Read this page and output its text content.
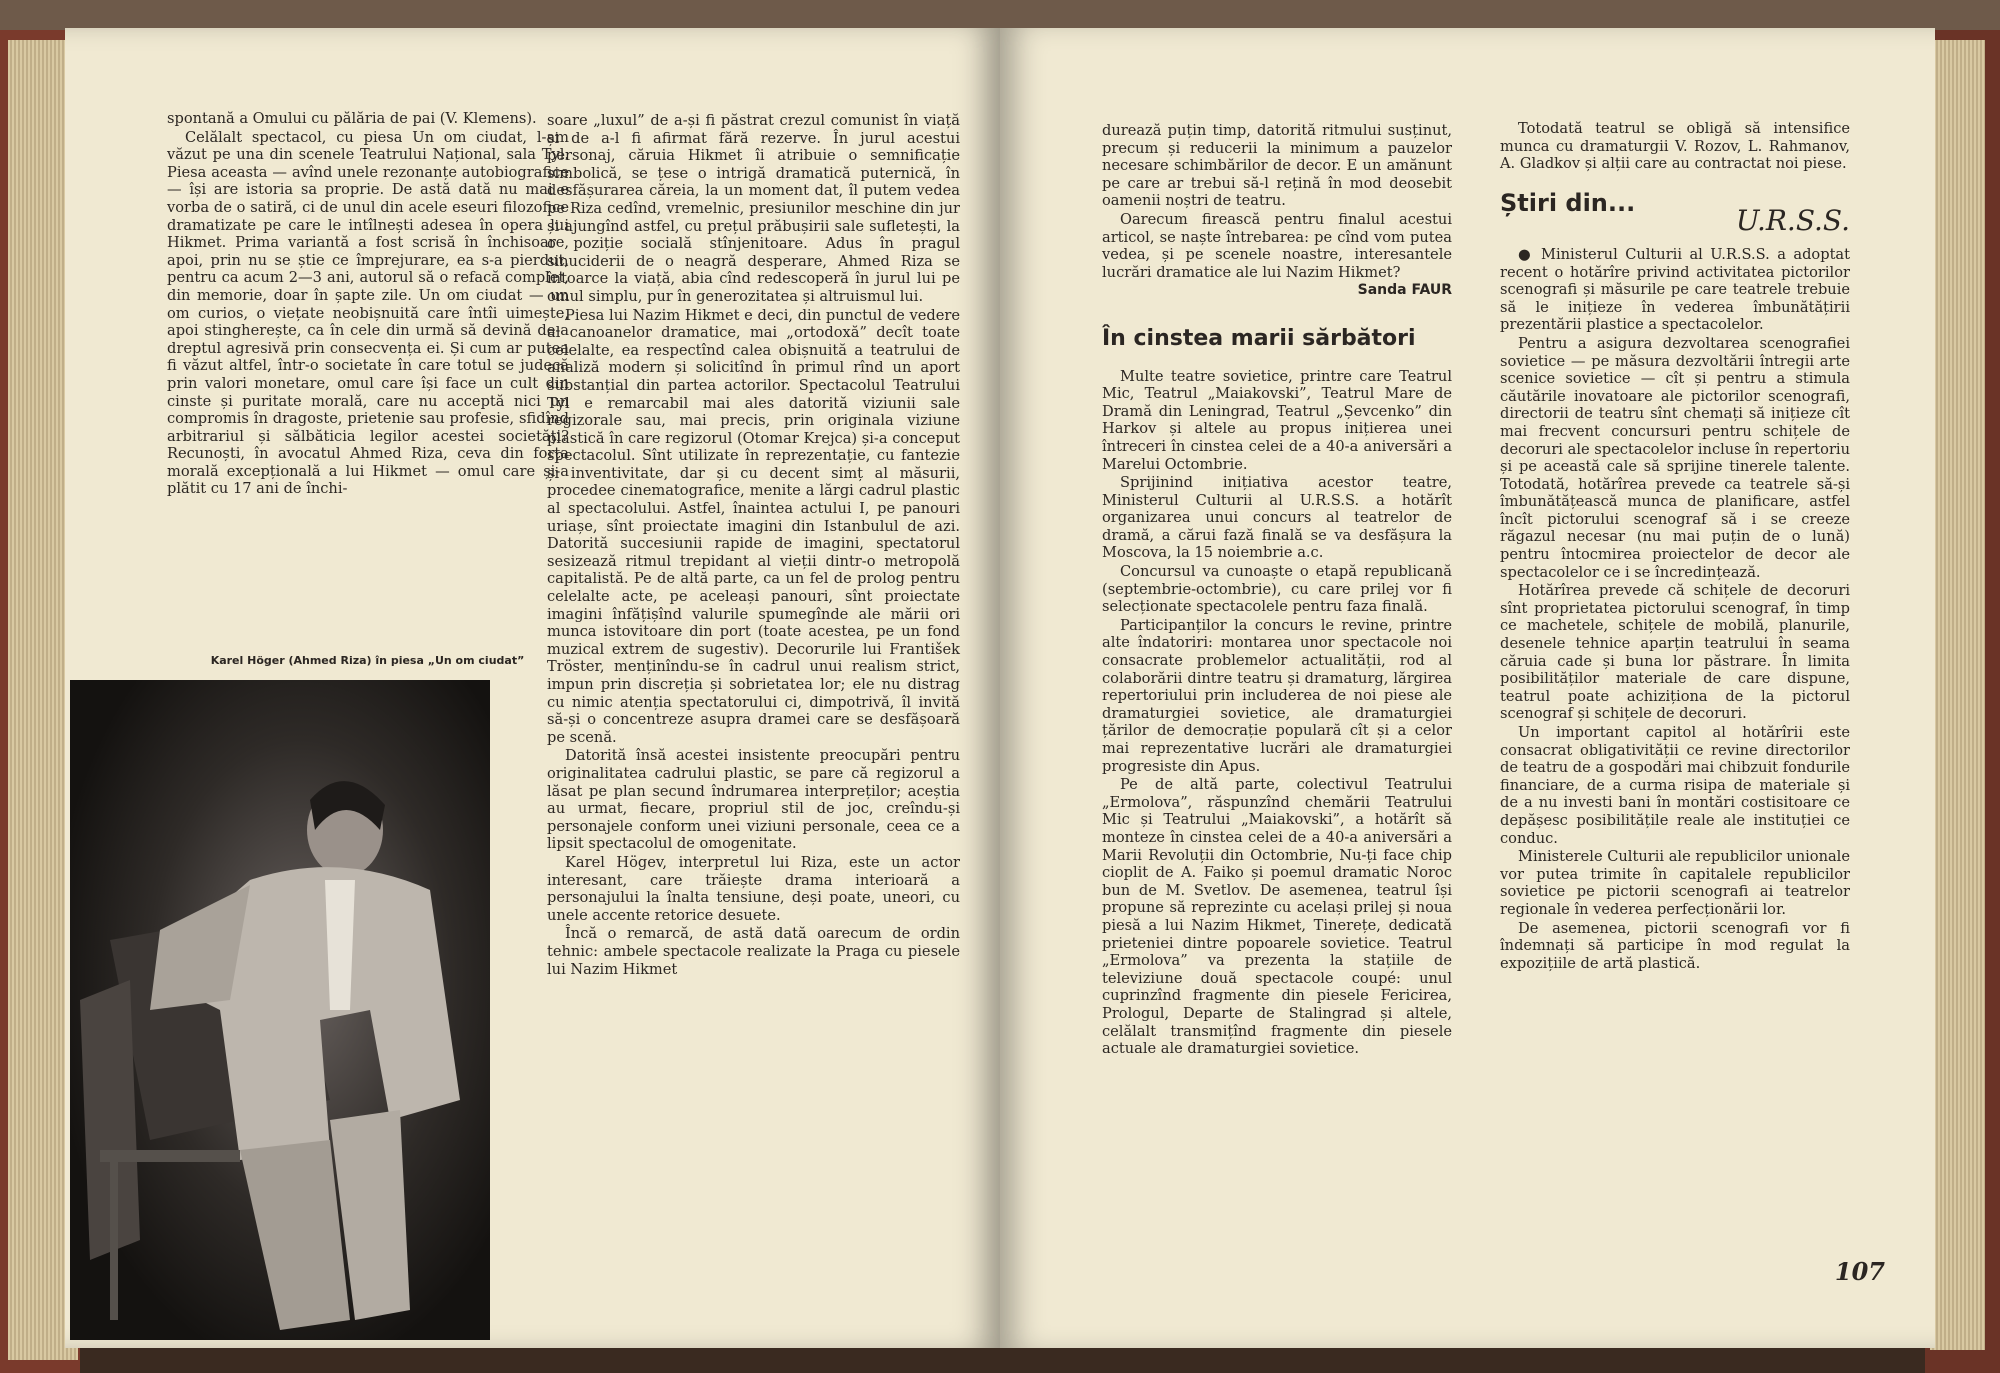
spontană a Omului cu pălăria de pai (V. Klemens).

Celălalt spectacol, cu piesa Un om ciudat, l-am văzut pe una din scenele Teatrului Național, sala Tyl. Piesa aceasta — avînd unele rezonanțe autobiografice — își are istoria sa proprie. De astă dată nu mai e vorba de o satiră, ci de unul din acele eseuri filozofice dramatizate pe care le intîlnești adesea în opera lui Hikmet. Prima variantă a fost scrisă în închisoare, apoi, prin nu se știe ce împrejurare, ea s-a pierdut, pentru ca acum 2—3 ani, autorul să o refacă complet, din memorie, doar în șapte zile. Un om ciudat — un om curios, o viețate neobișnuită care întîi uimește, apoi stingherește, ca în cele din urmă să devină de-a dreptul agresivă prin consecvența ei. Și cum ar putea fi văzut altfel, într-o societate în care totul se judecă prin valori monetare, omul care își face un cult din cinste și puritate morală, care nu acceptă nici un compromis în dragoste, prietenie sau profesie, sfidînd arbitrariul și sălbăticia legilor acestei societăți? Recunoști, în avocatul Ahmed Riza, ceva din forța morală excepțională a lui Hikmet — omul care și-a plătit cu 17 ani de închi-

Karel Höger (Ahmed Riza) în piesa „Un om ciudat”

soare „luxul” de a-și fi păstrat crezul comunist în viață și de a-l fi afirmat fără rezerve. În jurul acestui personaj, căruia Hikmet îi atribuie o semnificație simbolică, se țese o intrigă dramatică puternică, în desfășurarea căreia, la un moment dat, îl putem vedea pe Riza cedînd, vremelnic, presiunilor meschine din jur și ajungînd astfel, cu prețul prăbușirii sale sufletești, la o poziție socială stînjenitoare. Adus în pragul sinuciderii de o neagră desperare, Ahmed Riza se întoarce la viață, abia cînd redescoperă în jurul lui pe omul simplu, pur în generozitatea și altruismul lui.

Piesa lui Nazim Hikmet e deci, din punctul de vedere al canoanelor dramatice, mai „ortodoxă” decît toate celelalte, ea respectînd calea obișnuită a teatrului de analiză modern și solicitînd în primul rînd un aport substanțial din partea actorilor. Spectacolul Teatrului Tyl e remarcabil mai ales datorită viziunii sale regizorale sau, mai precis, prin originala viziune plastică în care regizorul (Otomar Krejca) și-a conceput spectacolul. Sînt utilizate în reprezentație, cu fantezie și inventivitate, dar și cu decent simț al măsurii, procedee cinematografice, menite a lărgi cadrul plastic al spectacolului. Astfel, înaintea actului I, pe panouri uriașe, sînt proiectate imagini din Istanbulul de azi. Datorită succesiunii rapide de imagini, spectatorul sesizează ritmul trepidant al vieții dintr-o metropolă capitalistă. Pe de altă parte, ca un fel de prolog pentru celelalte acte, pe aceleași panouri, sînt proiectate imagini înfățișînd valurile spumegînde ale mării ori munca istovitoare din port (toate acestea, pe un fond muzical extrem de sugestiv). Decorurile lui František Tröster, menținîndu-se în cadrul unui realism strict, impun prin discreția și sobrietatea lor; ele nu distrag cu nimic atenția spectatorului ci, dimpotrivă, îl invită să-și o concentreze asupra dramei care se desfășoară pe scenă.

Datorită însă acestei insistente preocupări pentru originalitatea cadrului plastic, se pare că regizorul a lăsat pe plan secund îndrumarea interpreților; aceștia au urmat, fiecare, propriul stil de joc, creîndu-și personajele conform unei viziuni personale, ceea ce a lipsit spectacolul de omogenitate.

Karel Högev, interpretul lui Riza, este un actor interesant, care trăiește drama interioară a personajului la înalta tensiune, deși poate, uneori, cu unele accente retorice desuete.

Încă o remarcă, de astă dată oarecum de ordin tehnic: ambele spectacole realizate la Praga cu piesele lui Nazim Hikmet

durează puțin timp, datorită ritmului susținut, precum și reducerii la minimum a pauzelor necesare schimbărilor de decor. E un amănunt pe care ar trebui să-l rețină în mod deosebit oamenii noștri de teatru.

Oarecum firească pentru finalul acestui articol, se naște întrebarea: pe cînd vom putea vedea, și pe scenele noastre, interesantele lucrări dramatice ale lui Nazim Hikmet?

Sanda FAUR

În cinstea marii sărbători

Multe teatre sovietice, printre care Teatrul Mic, Teatrul „Maiakovski”, Teatrul Mare de Dramă din Leningrad, Teatrul „Șevcenko” din Harkov și altele au propus inițierea unei întreceri în cinstea celei de a 40-a aniversări a Marelui Octombrie.

Sprijinind inițiativa acestor teatre, Ministerul Culturii al U.R.S.S. a hotărît organizarea unui concurs al teatrelor de dramă, a cărui fază finală se va desfășura la Moscova, la 15 noiembrie a.c.

Concursul va cunoaște o etapă republicană (septembrie-octombrie), cu care prilej vor fi selecționate spectacolele pentru faza finală.

Participanților la concurs le revine, printre alte îndatoriri: montarea unor spectacole noi consacrate problemelor actualității, rod al colaborării dintre teatru și dramaturg, lărgirea repertoriului prin includerea de noi piese ale dramaturgiei sovietice, ale dramaturgiei țărilor de democrație populară cît și a celor mai reprezentative lucrări ale dramaturgiei progresiste din Apus.

Pe de altă parte, colectivul Teatrului „Ermolova”, răspunzînd chemării Teatrului Mic și Teatrului „Maiakovski”, a hotărît să monteze în cinstea celei de a 40-a aniversări a Marii Revoluții din Octombrie, Nu-ți face chip cioplit de A. Faiko și poemul dramatic Noroc bun de M. Svetlov. De asemenea, teatrul își propune să reprezinte cu același prilej și noua piesă a lui Nazim Hikmet, Tinerețe, dedicată prieteniei dintre popoarele sovietice. Teatrul „Ermolova” va prezenta la stațiile de televiziune două spectacole coupé: unul cuprinzînd fragmente din piesele Fericirea, Prologul, Departe de Stalingrad și altele, celălalt transmițînd fragmente din piesele actuale ale dramaturgiei sovietice.

Totodată teatrul se obligă să intensifice munca cu dramaturgii V. Rozov, L. Rahmanov, A. Gladkov și alții care au contractat noi piese.

Știri din...

U.R.S.S.

● Ministerul Culturii al U.R.S.S. a adoptat recent o hotărîre privind activitatea pictorilor scenografi și măsurile pe care teatrele trebuie să le inițieze în vederea îmbunătățirii prezentării plastice a spectacolelor.

Pentru a asigura dezvoltarea scenografiei sovietice — pe măsura dezvoltării întregii arte scenice sovietice — cît și pentru a stimula căutările inovatoare ale pictorilor scenografi, directorii de teatru sînt chemați să inițieze cît mai frecvent concursuri pentru schițele de decoruri ale spectacolelor incluse în repertoriu și pe această cale să sprijine tinerele talente. Totodată, hotărîrea prevede ca teatrele să-și îmbunătățească munca de planificare, astfel încît pictorului scenograf să i se creeze răgazul necesar (nu mai puțin de o lună) pentru întocmirea proiectelor de decor ale spectacolelor ce i se încredințează.

Hotărîrea prevede că schițele de decoruri sînt proprietatea pictorului scenograf, în timp ce machetele, schițele de mobilă, planurile, desenele tehnice aparțin teatrului în seama căruia cade și buna lor păstrare. În limita posibilităților materiale de care dispune, teatrul poate achiziționa de la pictorul scenograf și schițele de decoruri.

Un important capitol al hotărîrii este consacrat obligativității ce revine directorilor de teatru de a gospodări mai chibzuit fondurile financiare, de a curma risipa de materiale și de a nu investi bani în montări costisitoare ce depășesc posibilitățile reale ale instituției ce conduc.

Ministerele Culturii ale republicilor unionale vor putea trimite în capitalele republicilor sovietice pe pictorii scenografi ai teatrelor regionale în vederea perfecționării lor.

De asemenea, pictorii scenografi vor fi îndemnați să participe în mod regulat la expozițiile de artă plastică.

107
